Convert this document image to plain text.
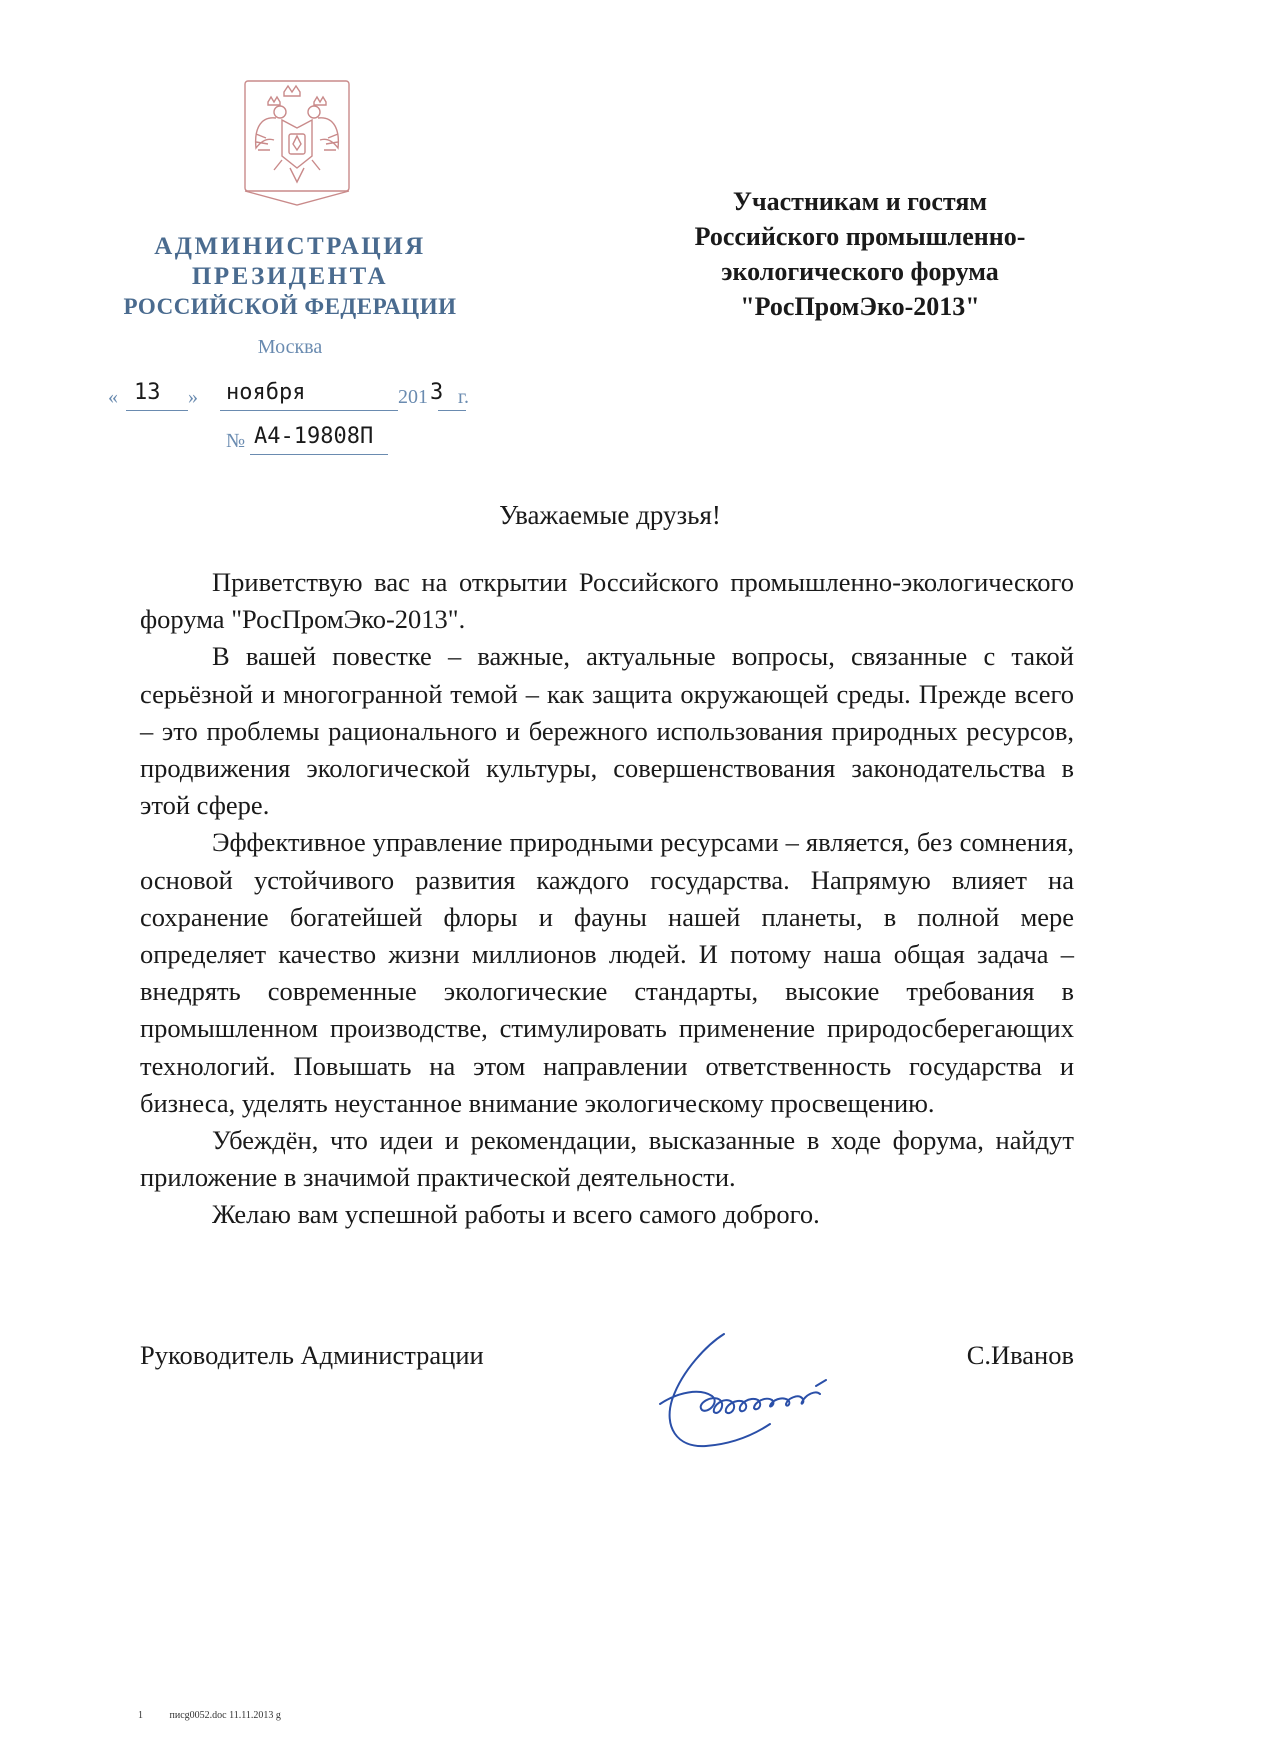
АДМИНИСТРАЦИЯ
ПРЕЗИДЕНТА
РОССИЙСКОЙ ФЕДЕРАЦИИ
Москва
« 13 » ноября	201 3 г.
№ А4-19808П
Участникам и гостям
Российского промышленно-
экологического форума
"РосПромЭко-2013"
Уважаемые друзья!

Приветствую вас на открытии Российского промышленно-экологического форума "РосПромЭко-2013".

В вашей повестке – важные, актуальные вопросы, связанные с такой серьёзной и многогранной темой – как защита окружающей среды. Прежде всего – это проблемы рационального и бережного использования природных ресурсов, продвижения экологической культуры, совершенствования законодательства в этой сфере.

Эффективное управление природными ресурсами – является, без сомнения, основой устойчивого развития каждого государства. Напрямую влияет на сохранение богатейшей флоры и фауны нашей планеты, в полной мере определяет качество жизни миллионов людей. И потому наша общая задача – внедрять современные экологические стандарты, высокие требования в промышленном производстве, стимулировать применение природосберегающих технологий. Повышать на этом направлении ответственность государства и бизнеса, уделять неустанное внимание экологическому просвещению.

Убеждён, что идеи и рекомендации, высказанные в ходе форума, найдут приложение в значимой практической деятельности.

Желаю вам успешной работы и всего самого доброго.

Руководитель Администрации	С.Иванов
1	писg0052.doc 11.11.2013 g
